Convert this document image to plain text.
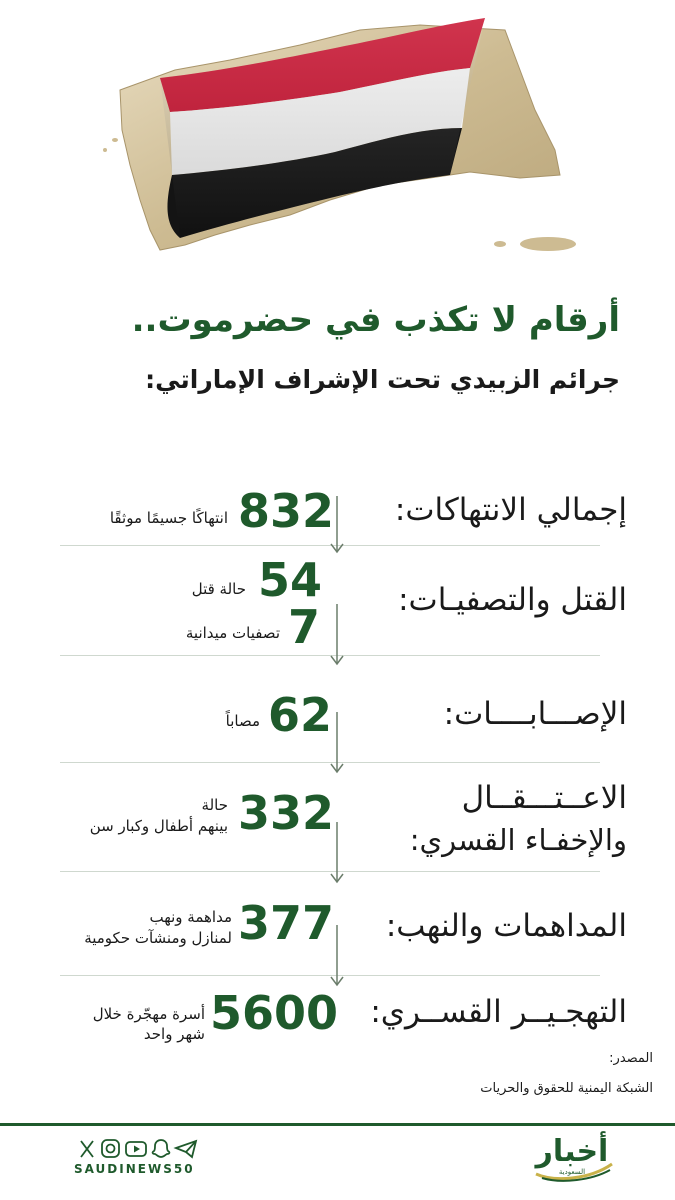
أرقام لا تكذب في حضرموت..
جرائم الزبيدي تحت الإشراف الإماراتي:
إجمالي الانتهاكات:
832
انتهاكًا جسيمًا موثقًا
القتل والتصفيـات:
54
حالة قتل
7
تصفيات ميدانية
الإصـــابــــات:
62
مصاباً
الاعــتـــقــال
والإخفـاء القسري:
332
حالة
بينهم أطفال وكبار سن
المداهمات والنهب:
377
مداهمة ونهب
لمنازل ومنشآت حكومية
التهجـيــر القســري:
5600
أسرة مهجّرة خلال
شهر واحد
المصدر:
الشبكة اليمنية للحقوق والحريات
SAUDINEWS50	أخبار
السعودية
